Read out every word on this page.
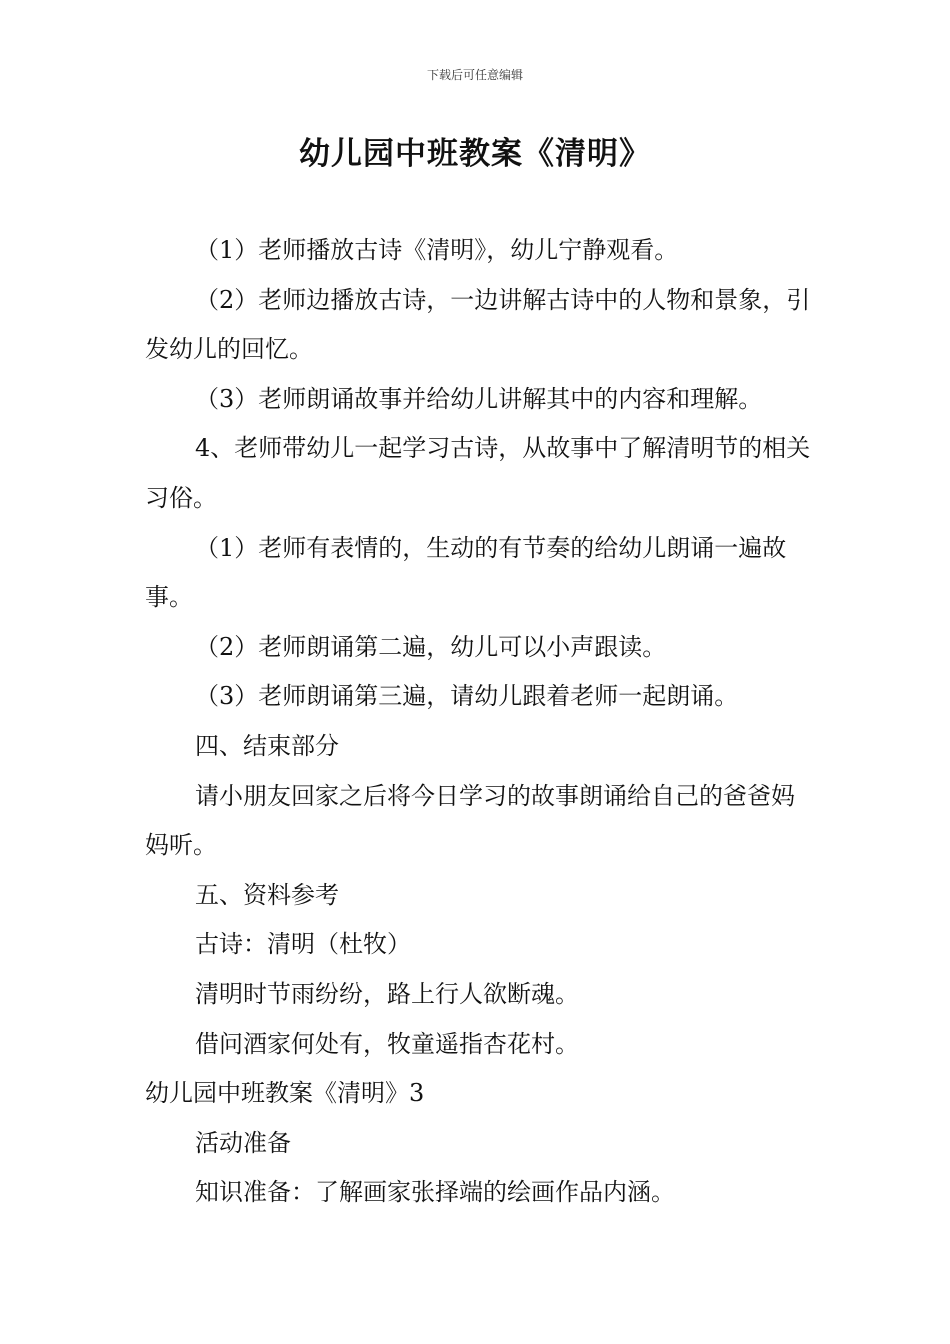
下载后可任意编辑
幼儿园中班教案《清明》

（1）老师播放古诗《清明》，幼儿宁静观看。

（2）老师边播放古诗，一边讲解古诗中的人物和景象，引发幼儿的回忆。

（3）老师朗诵故事并给幼儿讲解其中的内容和理解。

4、老师带幼儿一起学习古诗，从故事中了解清明节的相关习俗。

（1）老师有表情的，生动的有节奏的给幼儿朗诵一遍故事。

（2）老师朗诵第二遍，幼儿可以小声跟读。

（3）老师朗诵第三遍，请幼儿跟着老师一起朗诵。

四、结束部分

请小朋友回家之后将今日学习的故事朗诵给自己的爸爸妈妈听。

五、资料参考

古诗：清明（杜牧）

清明时节雨纷纷，路上行人欲断魂。

借问酒家何处有，牧童遥指杏花村。

幼儿园中班教案《清明》3

活动准备

知识准备：了解画家张择端的绘画作品内涵。
